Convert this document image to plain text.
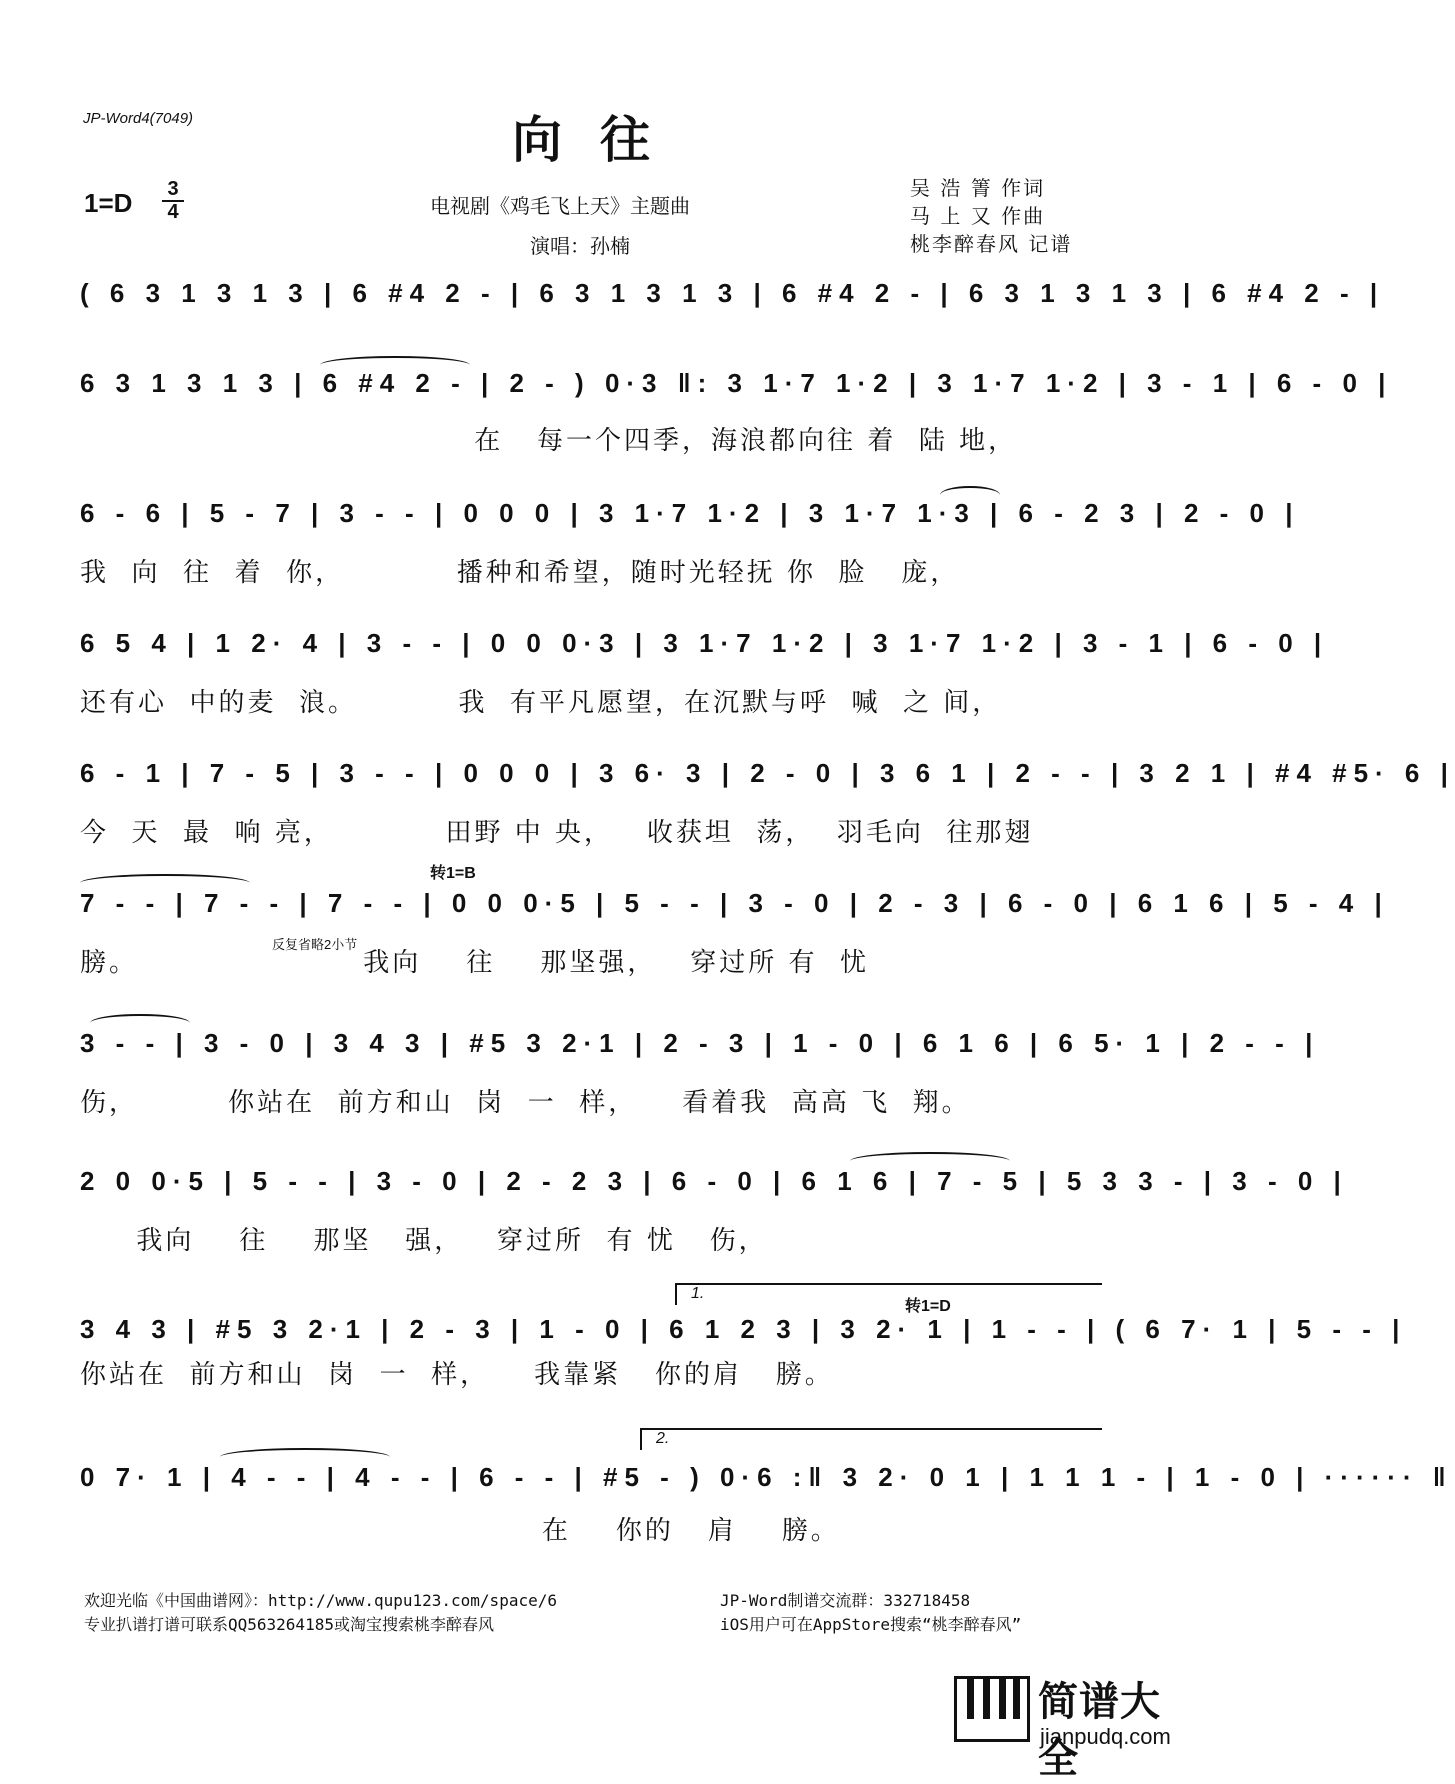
JP-Word4(7049)	向往
1=D	3
4	电视剧《鸡毛飞上天》主题曲
演唱：孙楠
吴 浩 箐 作词
马 上 又 作曲
桃李醉春风 记谱
( 6 3 1 3 1 3 | 6 #4 2 - | 6 3 1 3 1 3 | 6 #4 2 - | 6 3 1 3 1 3 | 6 #4 2 - |
6 3 1 3 1 3 | 6 #4 2 - | 2 - ) 0·3 ‖: 3 1·7 1·2 | 3 1·7 1·2 | 3 - 1 | 6 - 0 |
在   每一个四季，海浪都向往 着  陆 地，
6 - 6 | 5 - 7 | 3 - - | 0 0 0 | 3 1·7 1·2 | 3 1·7 1·3 | 6 - 2 3 | 2 - 0 |
我  向  往  着  你，          播种和希望，随时光轻抚 你  脸   庞，
6 5 4 | 1 2· 4 | 3 - - | 0 0 0·3 | 3 1·7 1·2 | 3 1·7 1·2 | 3 - 1 | 6 - 0 |
还有心  中的麦  浪。         我  有平凡愿望，在沉默与呼  喊  之 间，
6 - 1 | 7 - 5 | 3 - - | 0 0 0 | 3 6· 3 | 2 - 0 | 3 6 1 | 2 - - | 3 2 1 | #4 #5· 6 |
今  天  最  响 亮，          田野 中 央，   收获坦  荡，  羽毛向  往那翅
转1=B
7 - - | 7 - - | 7 - - | 0 0 0·5 | 5 - - | 3 - 0 | 2 - 3 | 6 - 0 | 6 1 6 | 5 - 4 |
膀。                    我向    往    那坚强，   穿过所 有  忧
反复省略2小节
3 - - | 3 - 0 | 3 4 3 | #5 3 2·1 | 2 - 3 | 1 - 0 | 6 1 6 | 6 5· 1 | 2 - - |
伤，        你站在  前方和山  岗  一  样，    看着我  高高 飞  翔。
2 0 0·5 | 5 - - | 3 - 0 | 2 - 2 3 | 6 - 0 | 6 1 6 | 7 - 5 | 5 3 3 - | 3 - 0 |
我向    往    那坚   强，   穿过所  有 忧   伤，
1.
转1=D
3 4 3 | #5 3 2·1 | 2 - 3 | 1 - 0 | 6 1 2 3 | 3 2· 1 | 1 - - | ( 6 7· 1 | 5 - - |
你站在  前方和山  岗  一  样，    我靠紧   你的肩   膀。
2.
0 7· 1 | 4 - - | 4 - - | 6 - - | #5 - ) 0·6 :‖ 3 2· 0 1 | 1 1 1 - | 1 - 0 | ······ ‖
在    你的   肩    膀。
欢迎光临《中国曲谱网》：http://www.qupu123.com/space/6
专业扒谱打谱可联系QQ563264185或淘宝搜索桃李醉春风
JP-Word制谱交流群：332718458
iOS用户可在AppStore搜索“桃李醉春风”
简谱大全
jianpudq.com
